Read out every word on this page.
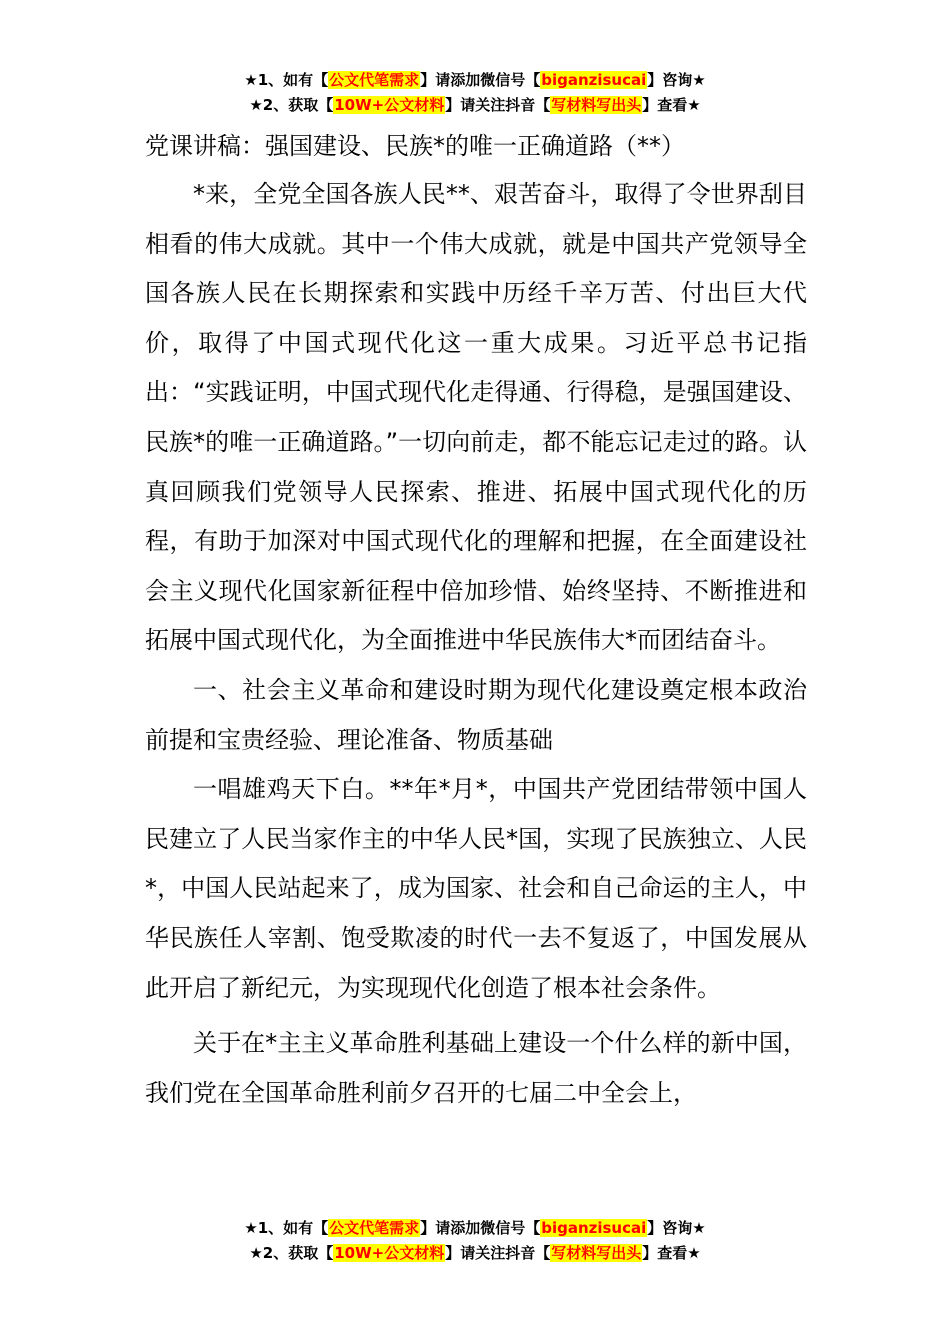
★1、如有【公文代笔需求】请添加微信号【biganzisucai】咨询★
★2、获取【10W+公文材料】请关注抖音【写材料写出头】查看★
党课讲稿：强国建设、民族*的唯一正确道路（**）

*来，全党全国各族人民**、艰苦奋斗，取得了令世界刮目相看的伟大成就。其中一个伟大成就，就是中国共产党领导全国各族人民在长期探索和实践中历经千辛万苦、付出巨大代价，取得了中国式现代化这一重大成果。习近平总书记指出：“实践证明，中国式现代化走得通、行得稳，是强国建设、民族*的唯一正确道路。”一切向前走，都不能忘记走过的路。认真回顾我们党领导人民探索、推进、拓展中国式现代化的历程，有助于加深对中国式现代化的理解和把握，在全面建设社会主义现代化国家新征程中倍加珍惜、始终坚持、不断推进和拓展中国式现代化，为全面推进中华民族伟大*而团结奋斗。

一、社会主义革命和建设时期为现代化建设奠定根本政治前提和宝贵经验、理论准备、物质基础

一唱雄鸡天下白。**年*月*，中国共产党团结带领中国人民建立了人民当家作主的中华人民*国，实现了民族独立、人民*，中国人民站起来了，成为国家、社会和自己命运的主人，中华民族任人宰割、饱受欺凌的时代一去不复返了，中国发展从此开启了新纪元，为实现现代化创造了根本社会条件。

关于在*主主义革命胜利基础上建设一个什么样的新中国，我们党在全国革命胜利前夕召开的七届二中全会上，

★1、如有【公文代笔需求】请添加微信号【biganzisucai】咨询★
★2、获取【10W+公文材料】请关注抖音【写材料写出头】查看★
